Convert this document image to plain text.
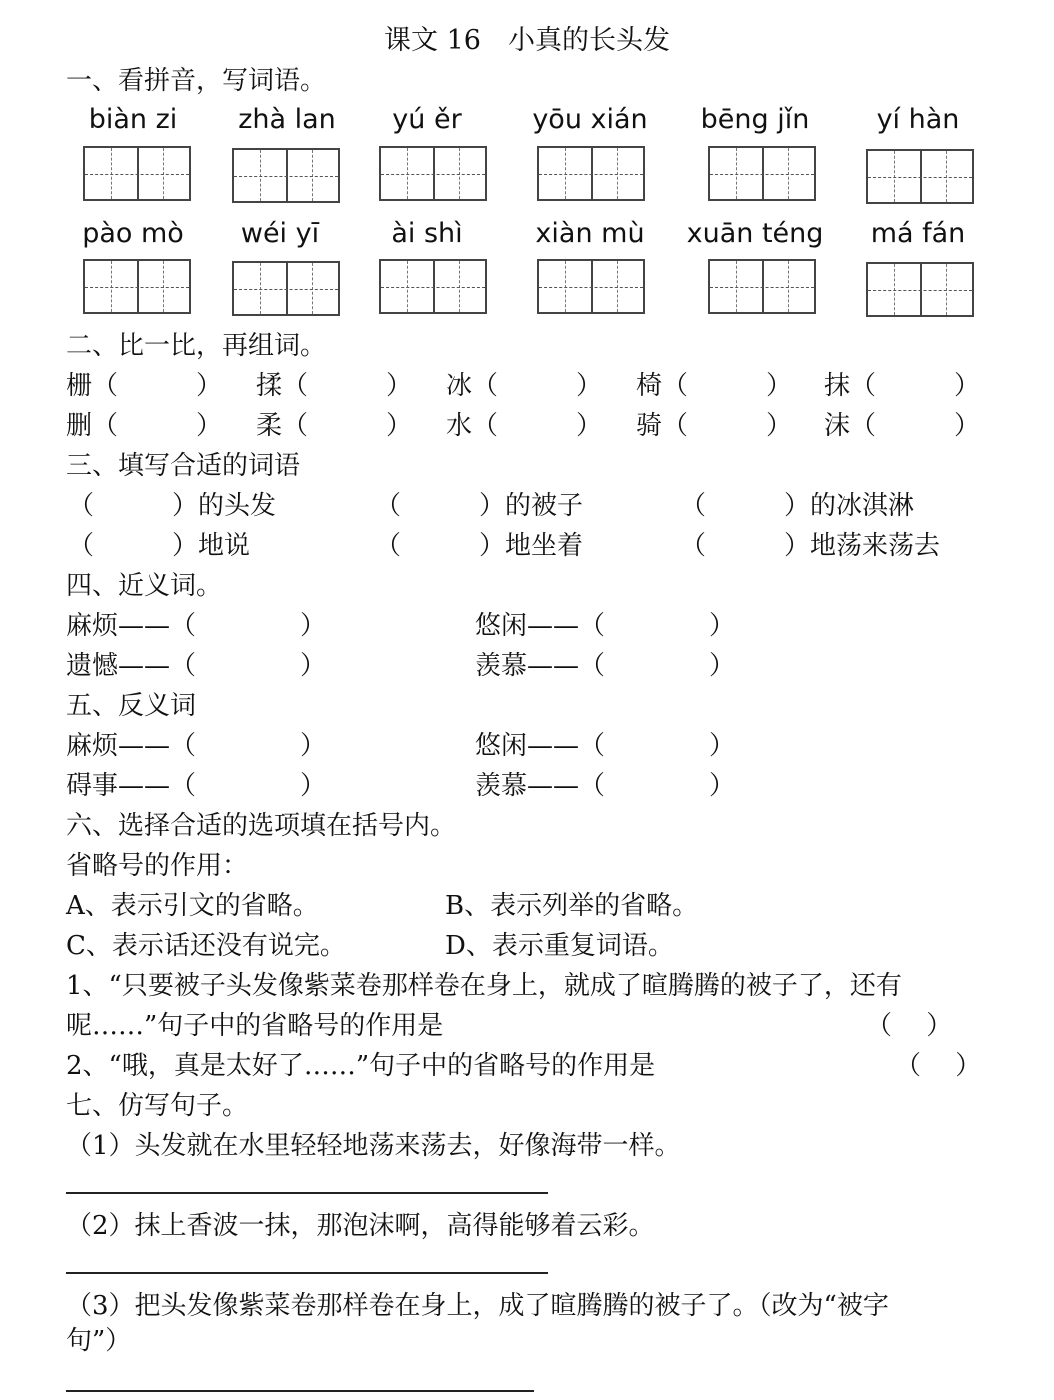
课文 16　小真的长头发
一、看拼音，写词语。
biàn zi	zhà lan	yú ěr	yōu xián	bēng jǐn	yí hàn
pào mò	wéi yī	ài shì	xiàn mù	xuān téng	má fán
二、比一比，再组词。
栅（　　　） 揉（　　　） 冰（　　　） 椅（　　　） 抹（　　　）
删（　　　） 柔（　　　） 水（　　　） 骑（　　　） 沫（　　　）
三、填写合适的词语
（　　　）的头发	（　　　）的被子	（　　　）的冰淇淋
（　　　）地说	（　　　）地坐着	（　　　）地荡来荡去
四、近义词。
麻烦——（　　　　）	悠闲——（　　　　）
遗憾——（　　　　）	羡慕——（　　　　）
五、反义词
麻烦——（　　　　）	悠闲——（　　　　）
碍事——（　　　　）	羡慕——（　　　　）
六、选择合适的选项填在括号内。
省略号的作用：
A、表示引文的省略。	B、表示列举的省略。
C、表示话还没有说完。	D、表示重复词语。
1、“只要被子头发像紫菜卷那样卷在身上，就成了暄腾腾的被子了，还有
呢……”句子中的省略号的作用是	（　 ）
2、“哦，真是太好了……”句子中的省略号的作用是	（　 ）
七、仿写句子。
（1）头发就在水里轻轻地荡来荡去，好像海带一样。
（2）抹上香波一抹，那泡沫啊，高得能够着云彩。
（3）把头发像紫菜卷那样卷在身上，成了暄腾腾的被子了。（改为“被字
句”）
